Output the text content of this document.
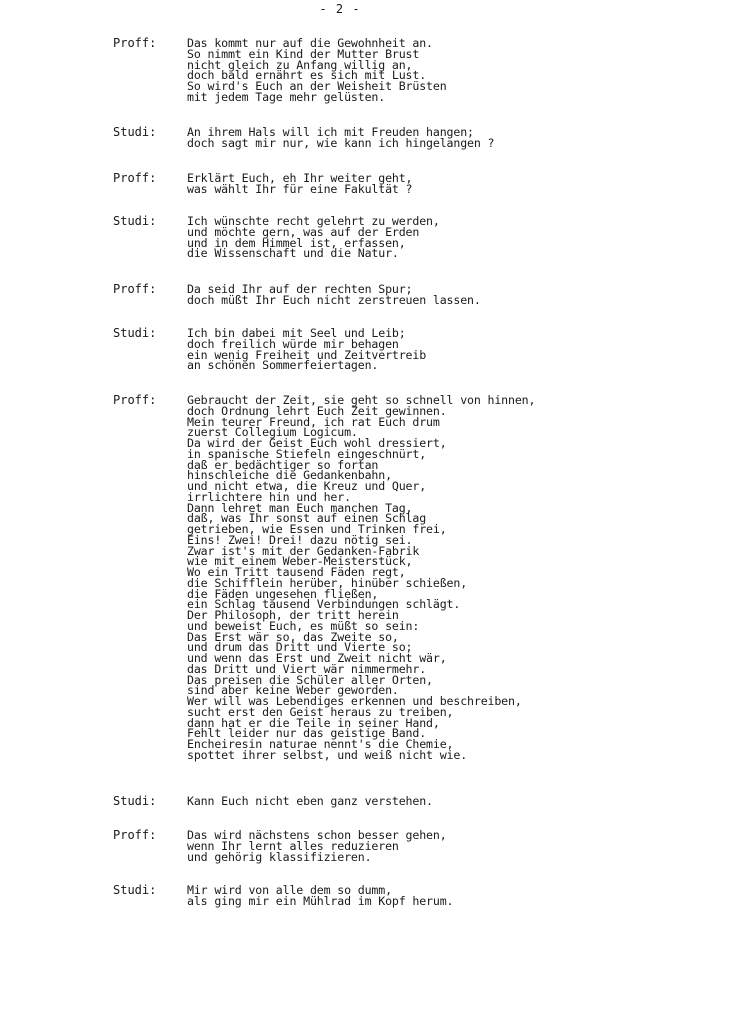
- 2 -
Proff:	Das kommt nur auf die Gewohnheit an.
So nimmt ein Kind der Mutter Brust
nicht gleich zu Anfang willig an,
doch bald ernährt es sich mit Lust.
So wird's Euch an der Weisheit Brüsten
mit jedem Tage mehr gelüsten.
Studi:	An ihrem Hals will ich mit Freuden hangen;
doch sagt mir nur, wie kann ich hingelangen ?
Proff:	Erklärt Euch, eh Ihr weiter geht,
was wählt Ihr für eine Fakultät ?
Studi:	Ich wünschte recht gelehrt zu werden,
und möchte gern, was auf der Erden
und in dem Himmel ist, erfassen,
die Wissenschaft und die Natur.
Proff:	Da seid Ihr auf der rechten Spur;
doch müßt Ihr Euch nicht zerstreuen lassen.
Studi:	Ich bin dabei mit Seel und Leib;
doch freilich würde mir behagen
ein wenig Freiheit und Zeitvertreib
an schönen Sommerfeiertagen.
Proff:	Gebraucht der Zeit, sie geht so schnell von hinnen,
doch Ordnung lehrt Euch Zeit gewinnen.
Mein teurer Freund, ich rat Euch drum
zuerst Collegium Logicum.
Da wird der Geist Euch wohl dressiert,
in spanische Stiefeln eingeschnürt,
daß er bedächtiger so fortan
hinschleiche die Gedankenbahn,
und nicht etwa, die Kreuz und Quer,
irrlichtere hin und her.
Dann lehret man Euch manchen Tag,
daß, was Ihr sonst auf einen Schlag
getrieben, wie Essen und Trinken frei,
Eins! Zwei! Drei! dazu nötig sei.
Zwar ist's mit der Gedanken-Fabrik
wie mit einem Weber-Meisterstück,
Wo ein Tritt tausend Fäden regt,
die Schifflein herüber, hinüber schießen,
die Fäden ungesehen fließen,
ein Schlag tausend Verbindungen schlägt.
Der Philosoph, der tritt herein
und beweist Euch, es müßt so sein:
Das Erst wär so, das Zweite so,
und drum das Dritt und Vierte so;
und wenn das Erst und Zweit nicht wär,
das Dritt und Viert wär nimmermehr.
Das preisen die Schüler aller Orten,
sind aber keine Weber geworden.
Wer will was Lebendiges erkennen und beschreiben,
sucht erst den Geist heraus zu treiben,
dann hat er die Teile in seiner Hand,
Fehlt leider nur das geistige Band.
Encheiresin naturae nennt's die Chemie,
spottet ihrer selbst, und weiß nicht wie.
Studi:	Kann Euch nicht eben ganz verstehen.
Proff:	Das wird nächstens schon besser gehen,
wenn Ihr lernt alles reduzieren
und gehörig klassifizieren.
Studi:	Mir wird von alle dem so dumm,
als ging mir ein Mühlrad im Kopf herum.
